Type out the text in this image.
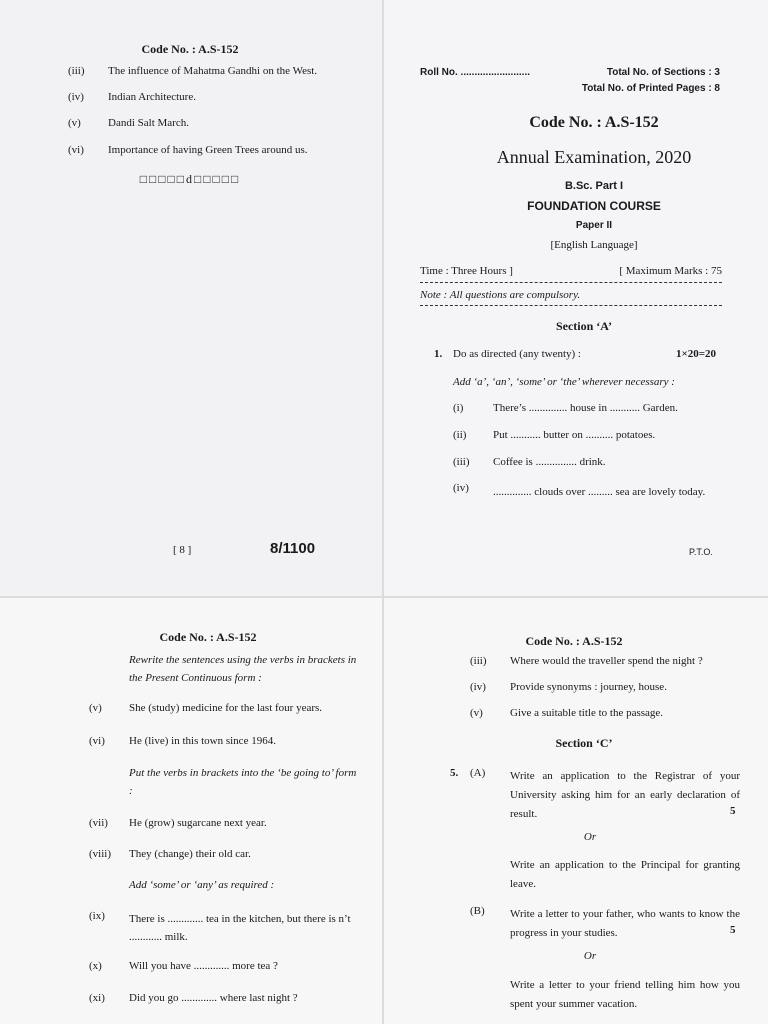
Code No. : A.S-152
(iii) The influence of Mahatma Gandhi on the West.
(iv) Indian Architecture.
(v) Dandi Salt March.
(vi) Importance of having Green Trees around us.
□□□□□d□□□□□
[ 8 ]	8/1100
Roll No. .........................	Total No. of Sections : 3
Total No. of Printed Pages : 8
Code No. : A.S-152
Annual Examination, 2020
B.Sc. Part I
FOUNDATION COURSE
Paper II
[English Language]
Time : Three Hours ]	[ Maximum Marks : 75
Note : All questions are compulsory.
Section ‘A’
1. Do as directed (any twenty) :	1×20=20
Add ‘a’, ‘an’, ‘some’ or ‘the’ wherever necessary :
(i)	There’s .............. house in ........... Garden.
(ii) Put ........... butter on .......... potatoes.
(iii) Coffee is ............... drink.
(iv) .............. clouds over ......... sea are lovely today.
P.T.O.
Code No. : A.S-152
Rewrite the sentences using the verbs in brackets in the Present Continuous form :
(v) She (study) medicine for the last four years.
(vi) He (live) in this town since 1964.
Put the verbs in brackets into the ‘be going to’ form :
(vii) He (grow) sugarcane next year.
(viii) They (change) their old car.
Add ‘some’ or ‘any’ as required :
(ix) There is ............. tea in the kitchen, but there is n’t ............ milk.
(x) Will you have ............. more tea ?
(xi) Did you go ............. where last night ?
Code No. : A.S-152
(iii) Where would the traveller spend the night ?
(iv) Provide synonyms : journey, house.
(v) Give a suitable title to the passage.
Section ‘C’
5. (A) Write an application to the Registrar of your University asking him for an early declaration of result.	5
Or
Write an application to the Principal for granting leave.
(B) Write a letter to your father, who wants to know the progress in your studies.	5
Or
Write a letter to your friend telling him how you spent your summer vacation.
